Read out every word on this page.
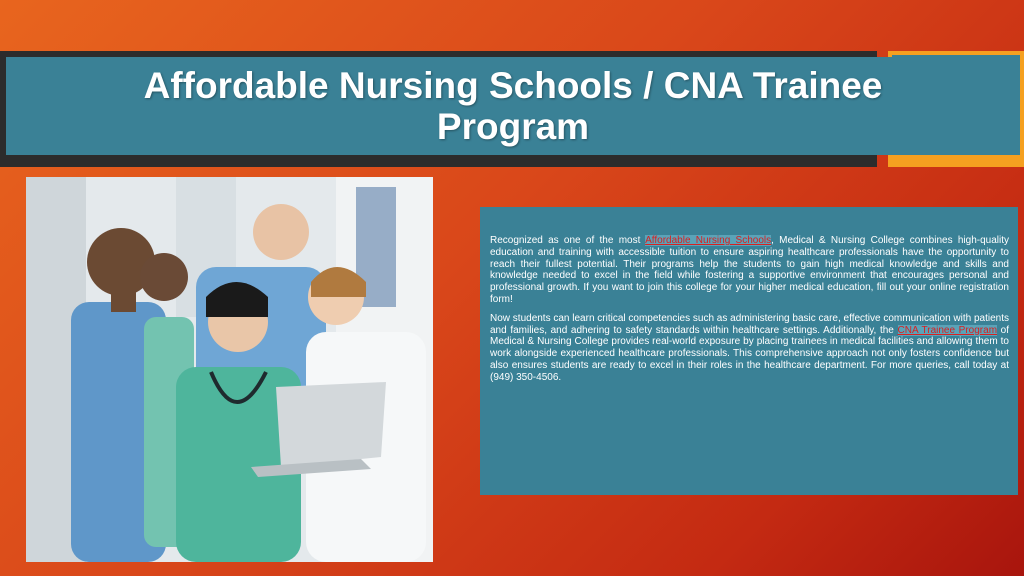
Affordable Nursing Schools / CNA Trainee Program

Recognized as one of the most Affordable Nursing Schools, Medical & Nursing College combines high-quality education and training with accessible tuition to ensure aspiring healthcare professionals have the opportunity to reach their fullest potential. Their programs help the students to gain high medical knowledge and skills and knowledge needed to excel in the field while fostering a supportive environment that encourages personal and professional growth. If you want to join this college for your higher medical education, fill out your online registration form!

Now students can learn critical competencies such as administering basic care, effective communication with patients and families, and adhering to safety standards within healthcare settings. Additionally, the CNA Trainee Program of Medical & Nursing College provides real-world exposure by placing trainees in medical facilities and allowing them to work alongside experienced healthcare professionals. This comprehensive approach not only fosters confidence but also ensures students are ready to excel in their roles in the healthcare department. For more queries, call today at (949) 350-4506.
